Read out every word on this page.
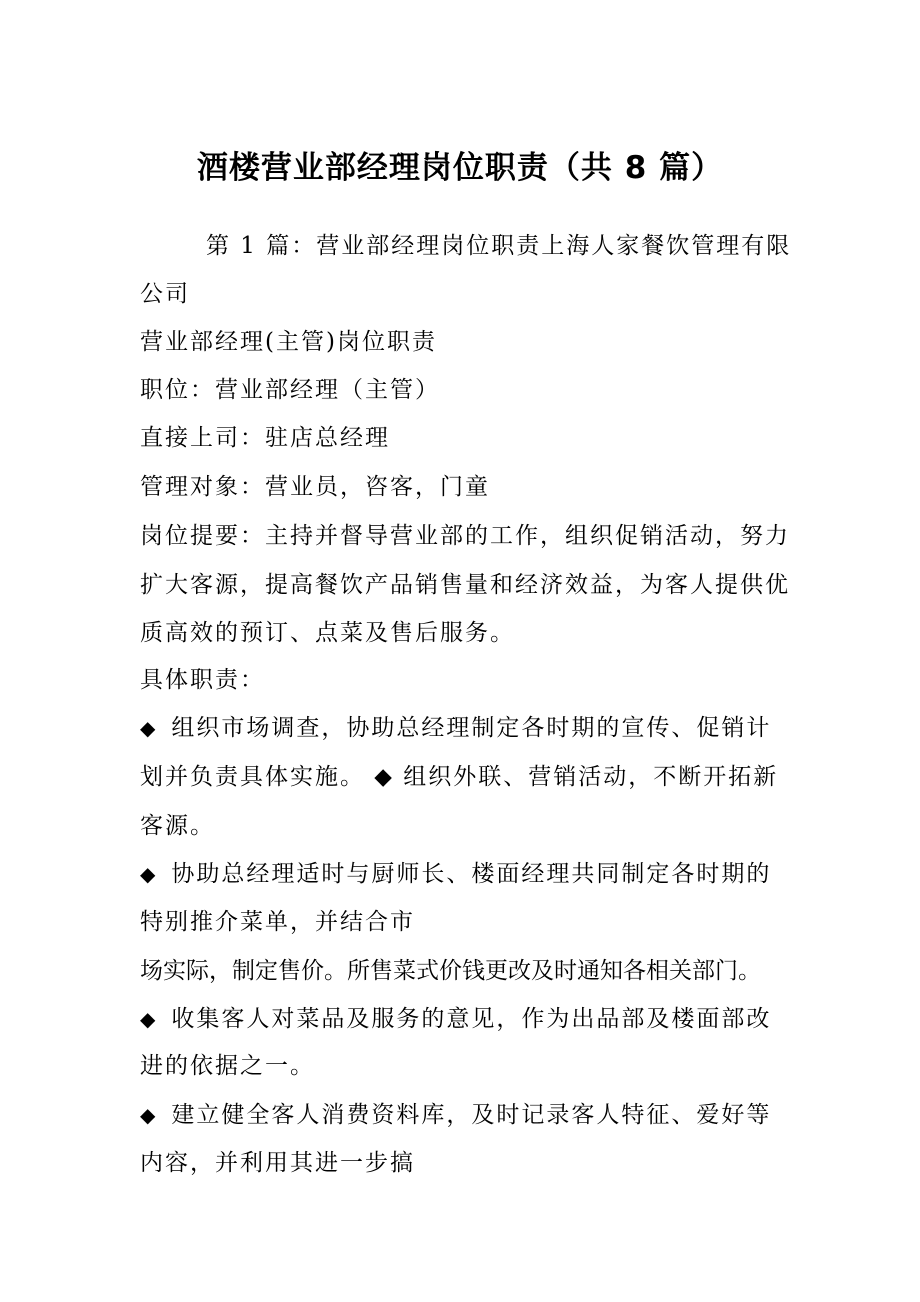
酒楼营业部经理岗位职责（共 8 篇）
第 1 篇：营业部经理岗位职责上海人家餐饮管理有限
公司
营业部经理(主管)岗位职责
职位：营业部经理（主管）
直接上司：驻店总经理
管理对象：营业员，咨客，门童
岗位提要：主持并督导营业部的工作，组织促销活动，努力
扩大客源，提高餐饮产品销售量和经济效益，为客人提供优
质高效的预订、点菜及售后服务。
具体职责：
◆ 组织市场调查，协助总经理制定各时期的宣传、促销计
划并负责具体实施。 ◆ 组织外联、营销活动，不断开拓新
客源。
◆ 协助总经理适时与厨师长、楼面经理共同制定各时期的
特别推介菜单，并结合市
场实际，制定售价。所售菜式价钱更改及时通知各相关部门。
◆ 收集客人对菜品及服务的意见，作为出品部及楼面部改
进的依据之一。
◆ 建立健全客人消费资料库，及时记录客人特征、爱好等
内容，并利用其进一步搞
